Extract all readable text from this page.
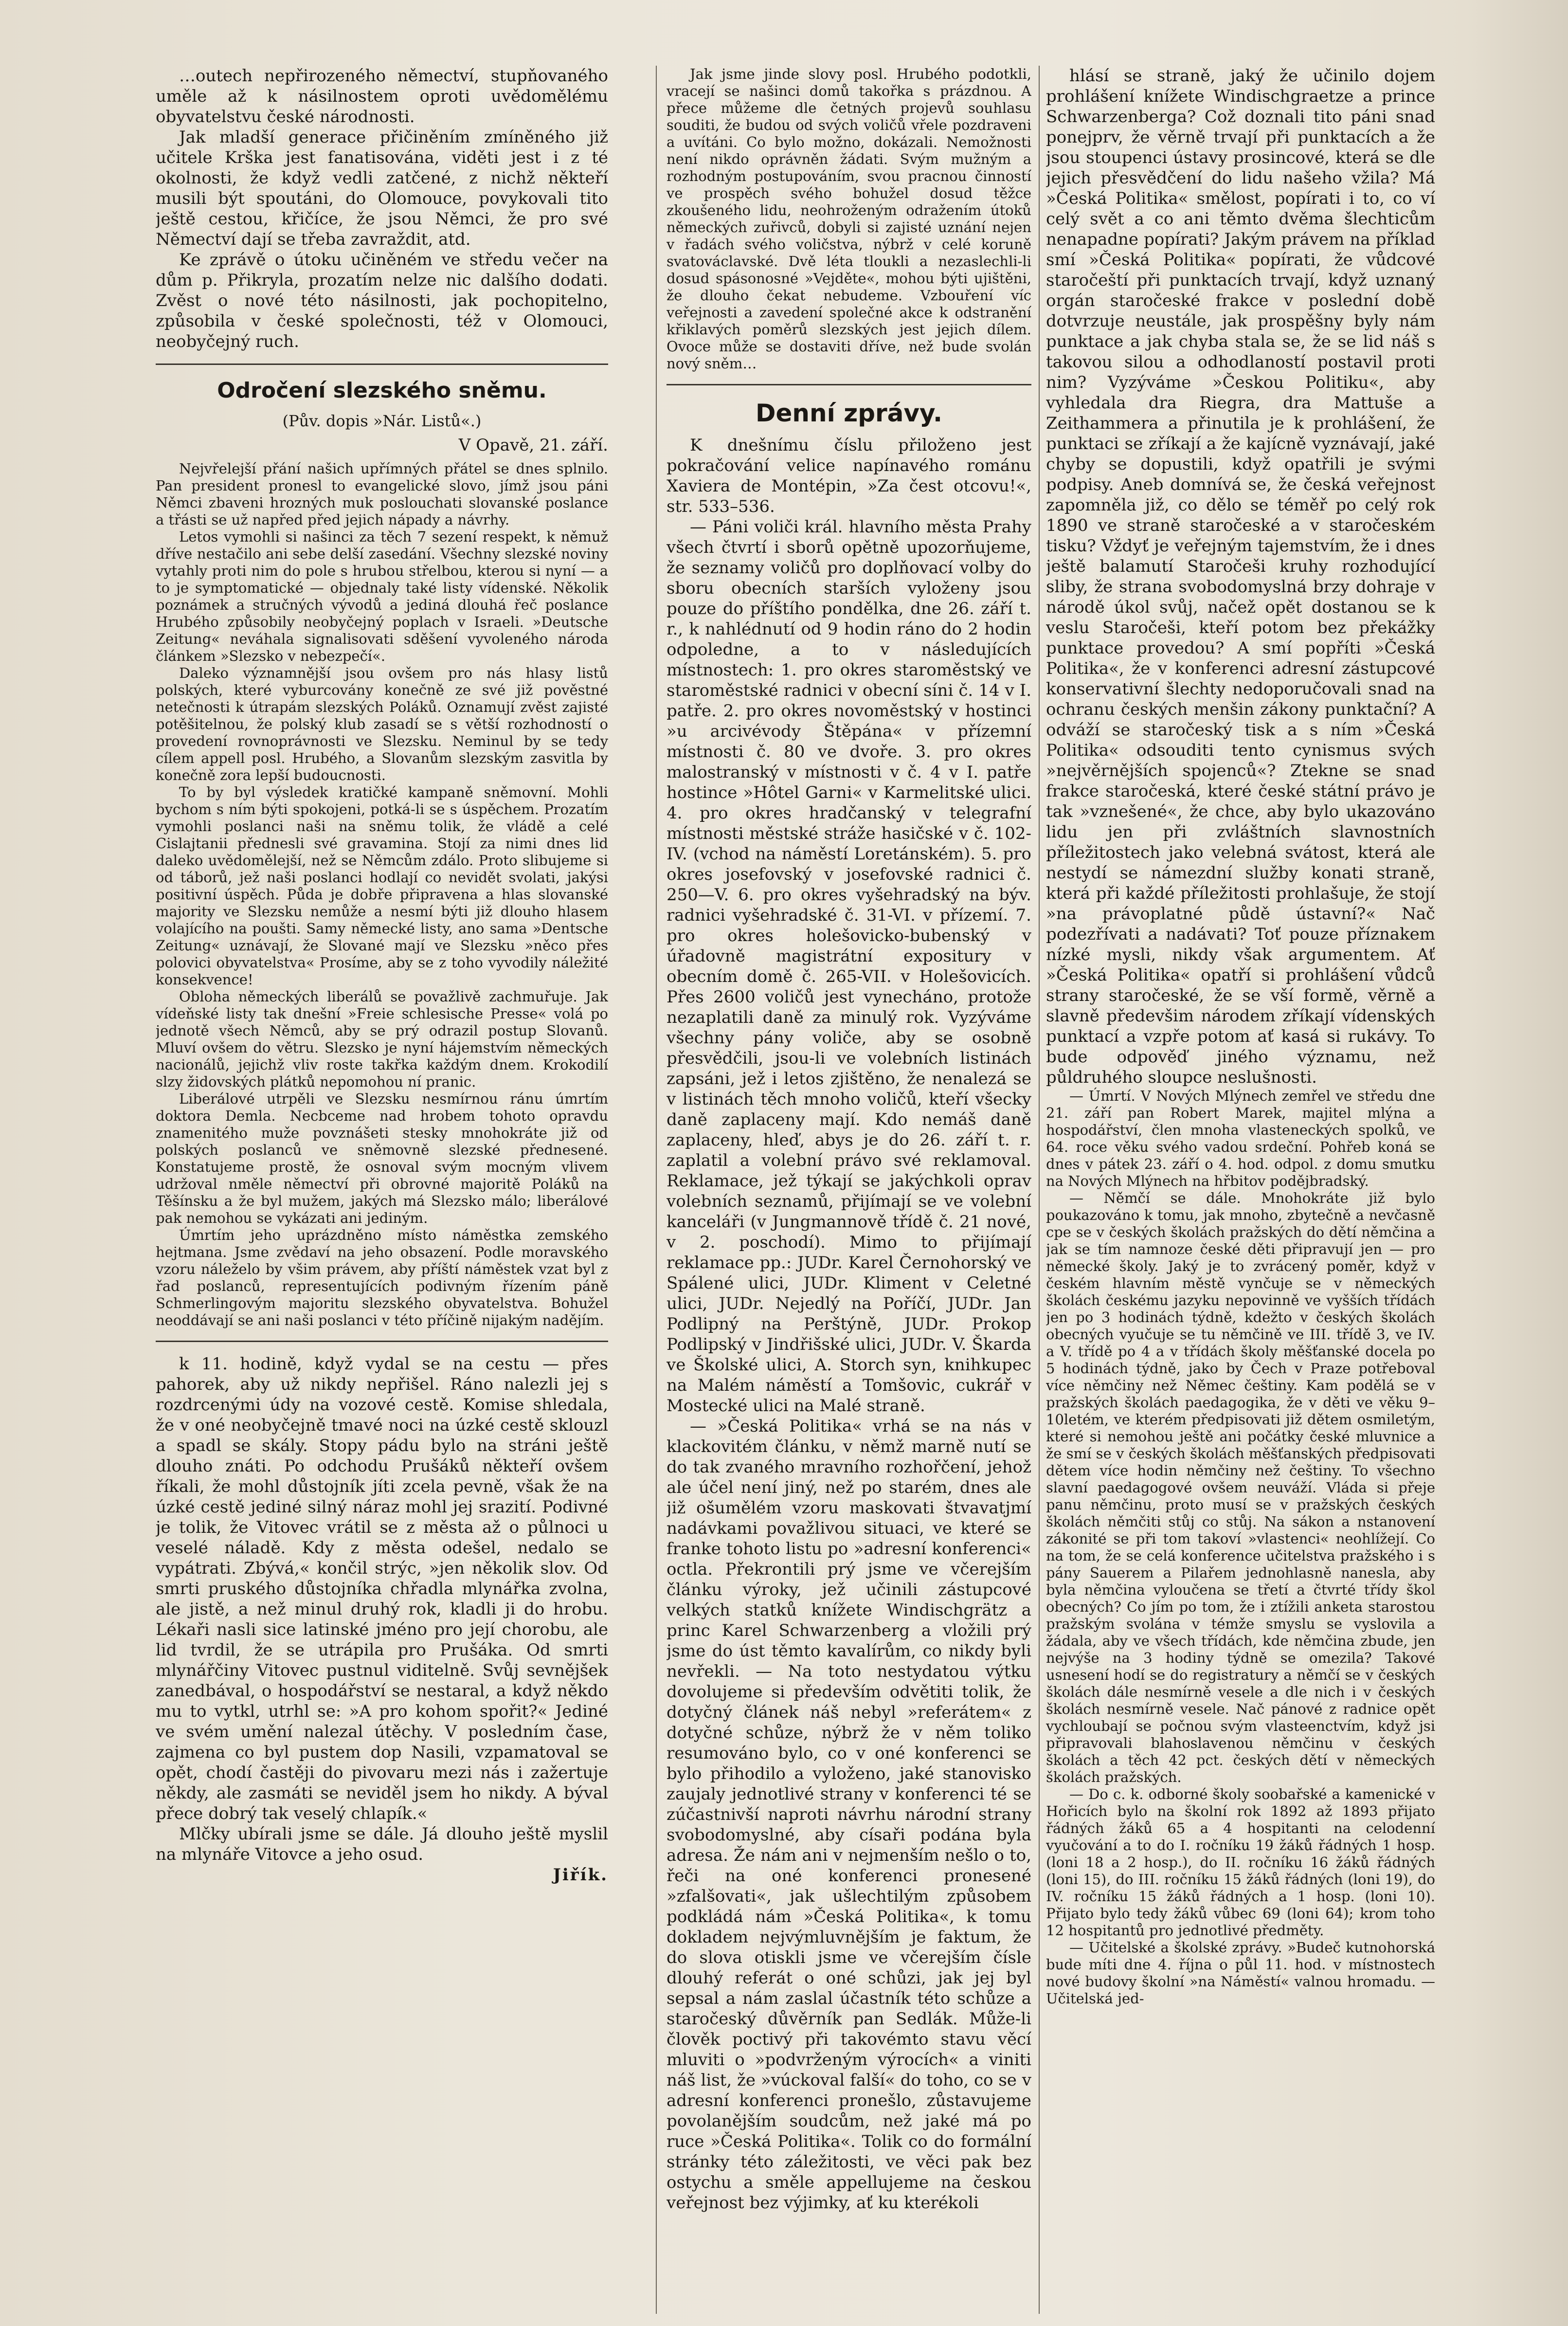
…outech nepřirozeného němectví, stupňovaného uměle až k násilnostem oproti uvědomělému obyvatelstvu české národnosti.

Jak mladší generace přičiněním zmíněného již učitele Krška jest fanatisována, viděti jest i z té okolnosti, že když vedli zatčené, z nichž někteří musili být spoutáni, do Olomouce, povykovali tito ještě cestou, křičíce, že jsou Němci, že pro své Němectví dají se třeba zavraždit, atd.

Ke zprávě o útoku učiněném ve středu večer na dům p. Přikryla, prozatím nelze nic dalšího dodati. Zvěst o nové této násilnosti, jak pochopitelno, způsobila v české společnosti, též v Olomouci, neobyčejný ruch.

Odročení slezského sněmu.
(Pův. dopis »Nár. Listů«.)
V Opavě, 21. září.

Nejvřelejší přání našich upřímných přátel se dnes splnilo. Pan president pronesl to evangelické slovo, jímž jsou páni Němci zbaveni hrozných muk poslouchati slovanské poslance a třásti se už napřed před jejich nápady a návrhy.

Letos vymohli si našinci za těch 7 sezení respekt, k němuž dříve nestačilo ani sebe delší zasedání. Všechny slezské noviny vytahly proti nim do pole s hrubou střelbou, kterou si nyní — a to je symptomatické — objednaly také listy vídenské. Několik poznámek a stručných vývodů a jediná dlouhá řeč poslance Hrubého způsobily neobyčejný poplach v Israeli. »Deutsche Zeitung« neváhala signalisovati sděšení vyvoleného národa článkem »Slezsko v nebezpečí«.

Daleko významnější jsou ovšem pro nás hlasy listů polských, které vyburcovány konečně ze své již pověstné netečnosti k útrapám slezských Poláků. Oznamují zvěst zajisté potěšitelnou, že polský klub zasadí se s větší rozhodností o provedení rovnoprávnosti ve Slezsku. Neminul by se tedy cílem appell posl. Hrubého, a Slovanům slezským zasvitla by konečně zora lepší budoucnosti.

To by byl výsledek kratičké kampaně sněmovní. Mohli bychom s ním býti spokojeni, potká-li se s úspěchem. Prozatím vymohli poslanci naši na sněmu tolik, že vládě a celé Cislajtanii přednesli své gravamina. Stojí za nimi dnes lid daleko uvědomělejší, než se Němcům zdálo. Proto slibujeme si od táborů, jež naši poslanci hodlají co nevidět svolati, jakýsi positivní úspěch. Půda je dobře připravena a hlas slovanské majority ve Slezsku nemůže a nesmí býti již dlouho hlasem volajícího na poušti. Samy německé listy, ano sama »Dentsche Zeitung« uznávají, že Slované mají ve Slezsku »něco přes polovici obyvatelstva« Prosíme, aby se z toho vyvodily náležité konsekvence!

Obloha německých liberálů se považlivě zachmuřuje. Jak vídeňské listy tak dnešní »Freie schlesische Presse« volá po jednotě všech Němců, aby se prý odrazil postup Slovanů. Mluví ovšem do větru. Slezsko je nyní hájemstvím německých nacionálů, jejichž vliv roste takřka každým dnem. Krokodilí slzy židovských plátků nepomohou ní pranic.

Liberálové utrpěli ve Slezsku nesmírnou ránu úmrtím doktora Demla. Necbceme nad hrobem tohoto opravdu znamenitého muže povznášeti stesky mnohokráte již od polských poslanců ve sněmovně slezské přednesené. Konstatujeme prostě, že osnoval svým mocným vlivem udržoval nměle němectví při obrovné majoritě Poláků na Těšínsku a že byl mužem, jakých má Slezsko málo; liberálové pak nemohou se vykázati ani jediným.

Úmrtím jeho uprázdněno místo náměstka zemského hejtmana. Jsme zvědaví na jeho obsazení. Podle moravského vzoru náleželo by všim právem, aby příští náměstek vzat byl z řad poslanců, representujících podivným řízením páně Schmerlingovým majoritu slezského obyvatelstva. Bohužel neoddávají se ani naši poslanci v této příčině nijakým nadějím.

k 11. hodině, když vydal se na cestu — přes pahorek, aby už nikdy nepřišel. Ráno nalezli jej s rozdrcenými údy na vozové cestě. Komise shledala, že v oné neobyčejně tmavé noci na úzké cestě sklouzl a spadl se skály. Stopy pádu bylo na stráni ještě dlouho znáti. Po odchodu Prušáků někteří ovšem říkali, že mohl důstojník jíti zcela pevně, však že na úzké cestě jediné silný náraz mohl jej srazití. Podivné je tolik, že Vitovec vrátil se z města až o půlnoci u veselé náladě. Kdy z města odešel, nedalo se vypátrati. Zbývá,« končil strýc, »jen několik slov. Od smrti pruského důstojníka chřadla mlynářka zvolna, ale jistě, a než minul druhý rok, kladli ji do hrobu. Lékaři nasli sice latinské jméno pro její chorobu, ale lid tvrdil, že se utrápila pro Prušáka. Od smrti mlynářčiny Vitovec pustnul viditelně. Svůj sevnějšek zanedbával, o hospodářství se nestaral, a když někdo mu to vytkl, utrhl se: »A pro kohom spořit?« Jediné ve svém umění nalezal útěchy. V posledním čase, zajmena co byl pustem dop Nasili, vzpamatoval se opět, chodí častěji do pivovaru mezi nás i zažertuje někdy, ale zasmáti se neviděl jsem ho nikdy. A býval přece dobrý tak veselý chlapík.«

Mlčky ubírali jsme se dále. Já dlouho ještě myslil na mlynáře Vitovce a jeho osud.

Jiřík.

Jak jsme jinde slovy posl. Hrubého podotkli, vracejí se našinci domů takořka s prázdnou. A přece můžeme dle četných projevů souhlasu souditi, že budou od svých voličů vřele pozdraveni a uvítáni. Co bylo možno, dokázali. Nemožnosti není nikdo oprávněn žádati. Svým mužným a rozhodným postupováním, svou pracnou činností ve prospěch svého bohužel dosud těžce zkoušeného lidu, neohroženým odražením útoků německých zuřivců, dobyli si zajisté uznání nejen v řadách svého voličstva, nýbrž v celé koruně svatováclavské. Dvě léta tloukli a nezaslechli-li dosud spásonosné »Vejděte«, mohou býti ujištěni, že dlouho čekat nebudeme. Vzbouření víc veřejnosti a zavedení společné akce k odstranění křiklavých poměrů slezských jest jejich dílem. Ovoce může se dostaviti dříve, než bude svolán nový sněm…

Denní zprávy.

K dnešnímu číslu přiloženo jest pokračování velice napínavého románu Xaviera de Montépin, »Za čest otcovu!«, str. 533–536.

— Páni voliči král. hlavního města Prahy všech čtvrtí i sborů opětně upozorňujeme, že seznamy voličů pro doplňovací volby do sboru obecních starších vyloženy jsou pouze do příštího pondělka, dne 26. září t. r., k nahlédnutí od 9 hodin ráno do 2 hodin odpoledne, a to v následujících místnostech: 1. pro okres staroměstský ve staroměstské radnici v obecní síni č. 14 v I. patře. 2. pro okres novoměstský v hostinci »u arcivévody Štěpána« v přízemní místnosti č. 80 ve dvoře. 3. pro okres malostranský v místnosti v č. 4 v I. patře hostince »Hôtel Garni« v Karmelitské ulici. 4. pro okres hradčanský v telegrafní místnosti městské stráže hasičské v č. 102-IV. (vchod na náměstí Loretánském). 5. pro okres josefovský v josefovské radnici č. 250—V. 6. pro okres vyšehradský na býv. radnici vyšehradské č. 31-VI. v přízemí. 7. pro okres holešovicko-bubenský v úřadovně magistrátní expositury v obecním domě č. 265-VII. v Holešovicích. Přes 2600 voličů jest vynecháno, protože nezaplatili daně za minulý rok. Vyzýváme všechny pány voliče, aby se osobně přesvědčili, jsou-li ve volebních listinách zapsáni, jež i letos zjištěno, že nenalezá se v listinách těch mnoho voličů, kteří všecky daně zaplaceny mají. Kdo nemáš daně zaplaceny, hleď, abys je do 26. září t. r. zaplatil a volební právo své reklamoval. Reklamace, jež týkají se jakýchkoli oprav volebních seznamů, přijímají se ve volební kanceláři (v Jungmannově třídě č. 21 nové, v 2. poschodí). Mimo to přijímají reklamace pp.: JUDr. Karel Černohorský ve Spálené ulici, JUDr. Kliment v Celetné ulici, JUDr. Nejedlý na Poříčí, JUDr. Jan Podlipný na Perštýně, JUDr. Prokop Podlipský v Jindřišské ulici, JUDr. V. Škarda ve Školské ulici, A. Storch syn, knihkupec na Malém náměstí a Tomšovic, cukrář v Mostecké ulici na Malé straně.

— »Česká Politika« vrhá se na nás v klackovitém článku, v němž marně nutí se do tak zvaného mravního rozhořčení, jehož ale účel není jiný, než po starém, dnes ale již ošumělém vzoru maskovati štvavatjmí nadávkami považlivou situaci, ve které se franke tohoto listu po »adresní konferenci« octla. Překrontili prý jsme ve včerejším článku výroky, jež učinili zástupcové velkých statků knížete Windischgrätz a princ Karel Schwarzenberg a vložili prý jsme do úst těmto kavalírům, co nikdy byli nevřekli. — Na toto nestydatou výtku dovolujeme si především odvětiti tolik, že dotyčný článek náš nebyl »referátem« z dotyčné schůze, nýbrž že v něm toliko resumováno bylo, co v oné konferenci se bylo přihodilo a vyloženo, jaké stanovisko zaujaly jednotlivé strany v konferenci té se zúčastnivší naproti návrhu národní strany svobodomyslné, aby císaři podána byla adresa. Že nám ani v nejmenším nešlo o to, řeči na oné konferenci pronesené »zfalšovati«, jak ušlechtilým způsobem podkládá nám »Česká Politika«, k tomu dokladem nejvýmluvnějším je faktum, že do slova otiskli jsme ve včerejším čísle dlouhý referát o oné schůzi, jak jej byl sepsal a nám zaslal účastník této schůze a staročeský důvěrník pan Sedlák. Může-li člověk poctivý při takovémto stavu věcí mluviti o »podvrženým výrocích« a viniti náš list, že »vúckoval falší« do toho, co se v adresní konferenci pronešlo, zůstavujeme povolanějším soudcům, než jaké má po ruce »Česká Politika«. Tolik co do formální stránky této záležitosti, ve věci pak bez ostychu a směle appellujeme na českou veřejnost bez výjimky, ať ku kterékoli

hlásí se straně, jaký že učinilo dojem prohlášení knížete Windischgraetze a prince Schwarzenberga? Což doznali tito páni snad ponejprv, že věrně trvají při punktacích a že jsou stoupenci ústavy prosincové, která se dle jejich přesvědčení do lidu našeho vžila? Má »Česká Politika« smělost, popírati i to, co ví celý svět a co ani těmto dvěma šlechticům nenapadne popírati? Jakým právem na příklad smí »Česká Politika« popírati, že vůdcové staročeští při punktacích trvají, když uznaný orgán staročeské frakce v poslední době dotvrzuje neustále, jak prospěšny byly nám punktace a jak chyba stala se, že se lid náš s takovou silou a odhodlaností postavil proti nim? Vyzýváme »Českou Politiku«, aby vyhledala dra Riegra, dra Mattuše a Zeithammera a přinutila je k prohlášení, že punktaci se zříkají a že kajícně vyznávají, jaké chyby se dopustili, když opatřili je svými podpisy. Aneb domnívá se, že česká veřejnost zapomněla již, co dělo se téměř po celý rok 1890 ve straně staročeské a v staročeském tisku? Vždyť je veřejným tajemstvím, že i dnes ještě balamutí Staročeši kruhy rozhodující sliby, že strana svobodomyslná brzy dohraje v národě úkol svůj, načež opět dostanou se k veslu Staročeši, kteří potom bez překážky punktace provedou? A smí popříti »Česká Politika«, že v konferenci adresní zástupcové konservativní šlechty nedoporučovali snad na ochranu českých menšin zákony punktační? A odváží se staročeský tisk a s ním »Česká Politika« odsouditi tento cynismus svých »nejvěrnějších spojenců«? Ztekne se snad frakce staročeská, které české státní právo je tak »vznešené«, že chce, aby bylo ukazováno lidu jen při zvláštních slavnostních příležitostech jako velebná svátost, která ale nestydí se námezdní služby konati straně, která při každé příležitosti prohlašuje, že stojí »na právoplatné půdě ústavní?« Nač podezřívati a nadávati? Toť pouze příznakem nízké mysli, nikdy však argumentem. Ať »Česká Politika« opatří si prohlášení vůdců strany staročeské, že se vší formě, věrně a slavně předevšim národem zříkají vídenských punktací a vzpře potom ať kasá si rukávy. To bude odpověď jiného významu, než půldruhého sloupce neslušnosti.

— Úmrtí. V Nových Mlýnech zemřel ve středu dne 21. září pan Robert Marek, majitel mlýna a hospodářství, člen mnoha vlasteneckých spolků, ve 64. roce věku svého vadou srdeční. Pohřeb koná se dnes v pátek 23. září o 4. hod. odpol. z domu smutku na Nových Mlýnech na hřbitov podějbradský.

— Němčí se dále. Mnohokráte již bylo poukazováno k tomu, jak mnoho, zbytečně a nevčasně cpe se v českých školách pražských do dětí němčina a jak se tím namnoze české děti připravují jen — pro německé školy. Jaký je to zvrácený poměr, když v českém hlavním městě vynčuje se v německých školách českému jazyku nepovinně ve vyšších třídách jen po 3 hodinách týdně, kdežto v českých školách obecných vyučuje se tu němčině ve III. třídě 3, ve IV. a V. třídě po 4 a v třídách školy měšťanské docela po 5 hodinách týdně, jako by Čech v Praze potřeboval více němčiny než Němec češtiny. Kam podělá se v pražských školách paedagogika, že v děti ve věku 9–10letém, ve kterém předpisovati již dětem osmiletým, které si nemohou ještě ani počátky české mluvnice a že smí se v českých školách měšťanských předpisovati dětem více hodin němčiny než češtiny. To všechno slavní paedagogové ovšem neuváží. Vláda si přeje panu němčinu, proto musí se v pražských českých školách němčiti stůj co stůj. Na sákon a nstanovení zákonité se při tom takoví »vlastenci« neohlížejí. Co na tom, že se celá konference učitelstva pražského i s pány Sauerem a Pilařem jednohlasně nanesla, aby byla němčina vyloučena se třetí a čtvrté třídy škol obecných? Co jím po tom, že i ztížili anketa starostou pražským svolána v témže smyslu se vyslovila a žádala, aby ve všech třídách, kde němčina zbude, jen nejvýše na 3 hodiny týdně se omezila? Takové usnesení hodí se do registratury a němčí se v českých školách dále nesmírně vesele a dle nich i v českých školách nesmírně vesele. Nač pánové z radnice opět vychloubají se počnou svým vlasteenctvím, když jsi připravovali blahoslavenou němčinu v českých školách a těch 42 pct. českých dětí v německých školách pražských.

— Do c. k. odborné školy soobařské a kamenické v Hořicích bylo na školní rok 1892 až 1893 přijato řádných žáků 65 a 4 hospitanti na celodenní vyučování a to do I. ročníku 19 žáků řádných 1 hosp. (loni 18 a 2 hosp.), do II. ročníku 16 žáků řádných (loni 15), do III. ročníku 15 žáků řádných (loni 19), do IV. ročníku 15 žáků řádných a 1 hosp. (loni 10). Přijato bylo tedy žáků vůbec 69 (loni 64); krom toho 12 hospitantů pro jednotlivé předměty.

— Učitelské a školské zprávy. »Budeč kutnohorská bude míti dne 4. října o půl 11. hod. v místnostech nové budovy školní »na Náměstí« valnou hromadu. — Učitelská jed-
